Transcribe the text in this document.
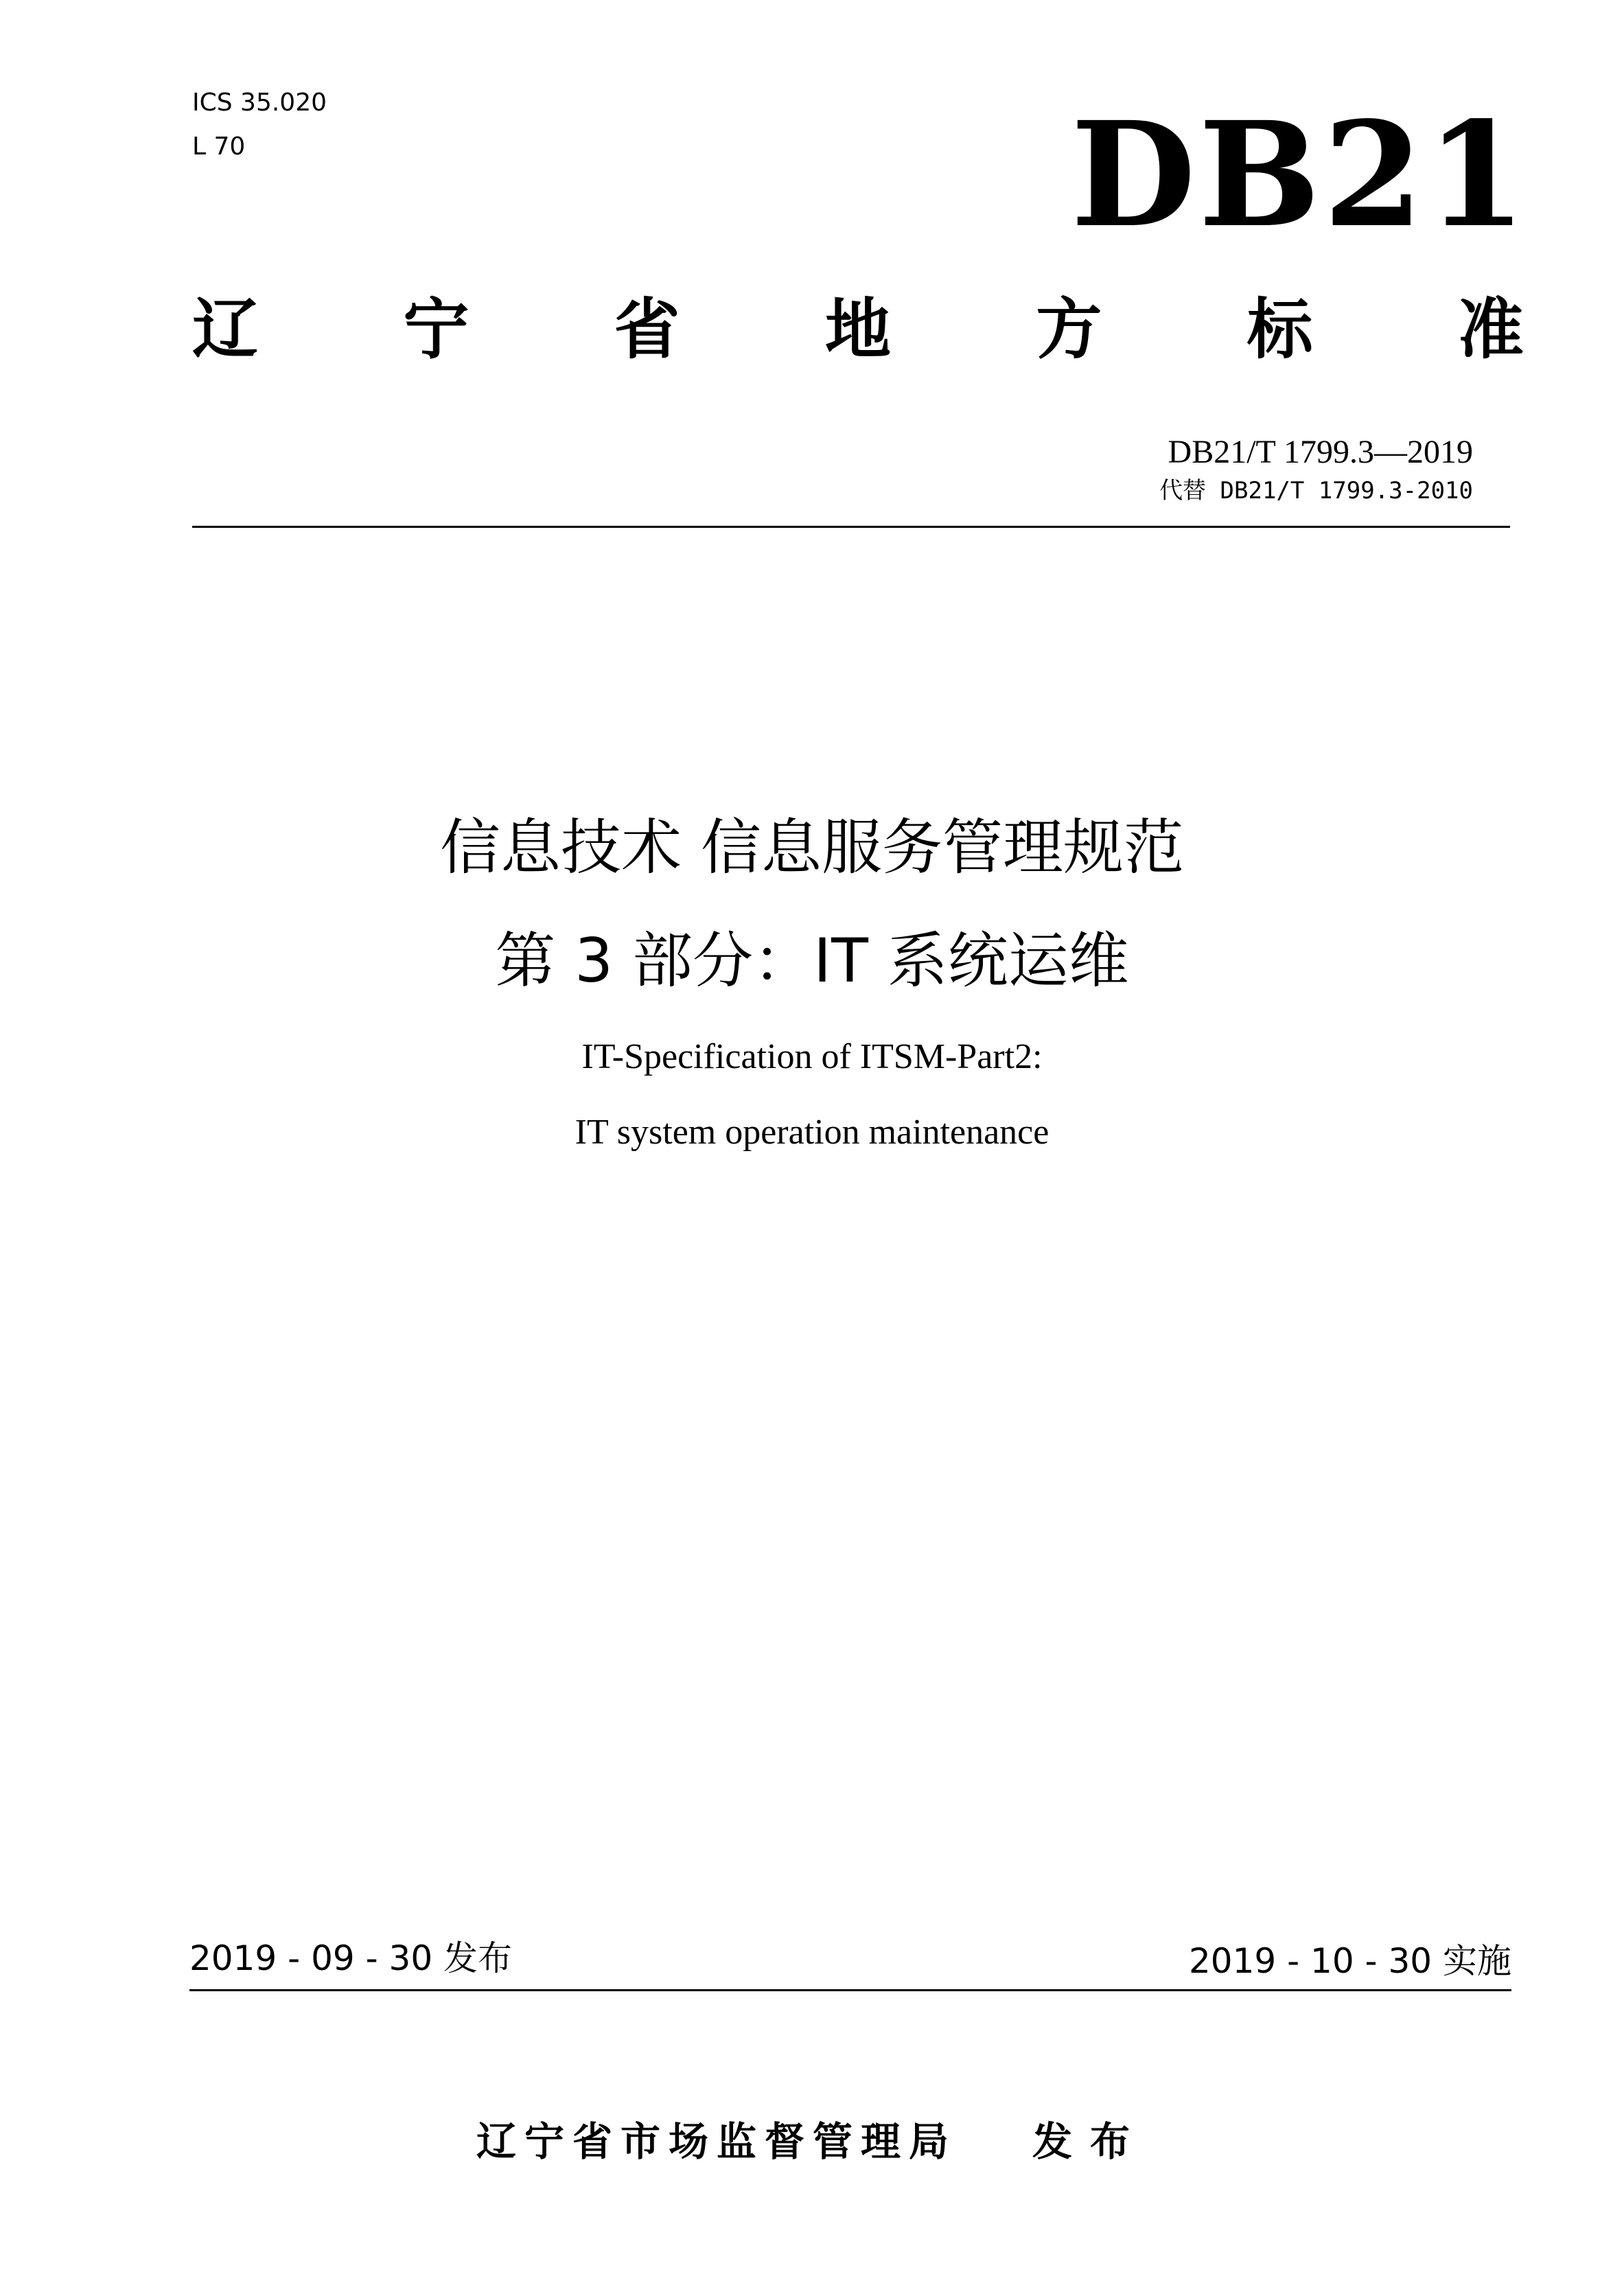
ICS 35.020
L 70	DB21
辽 宁 省 地 方 标 准
DB21/T 1799.3—2019
代替 DB21/T 1799.3-2010
信息技术 信息服务管理规范
第 3 部分：IT 系统运维
IT-Specification of ITSM-Part2:
IT system operation maintenance
2019 - 09 - 30 发布	2019 - 10 - 30 实施
辽宁省市场监督管理局 发布
